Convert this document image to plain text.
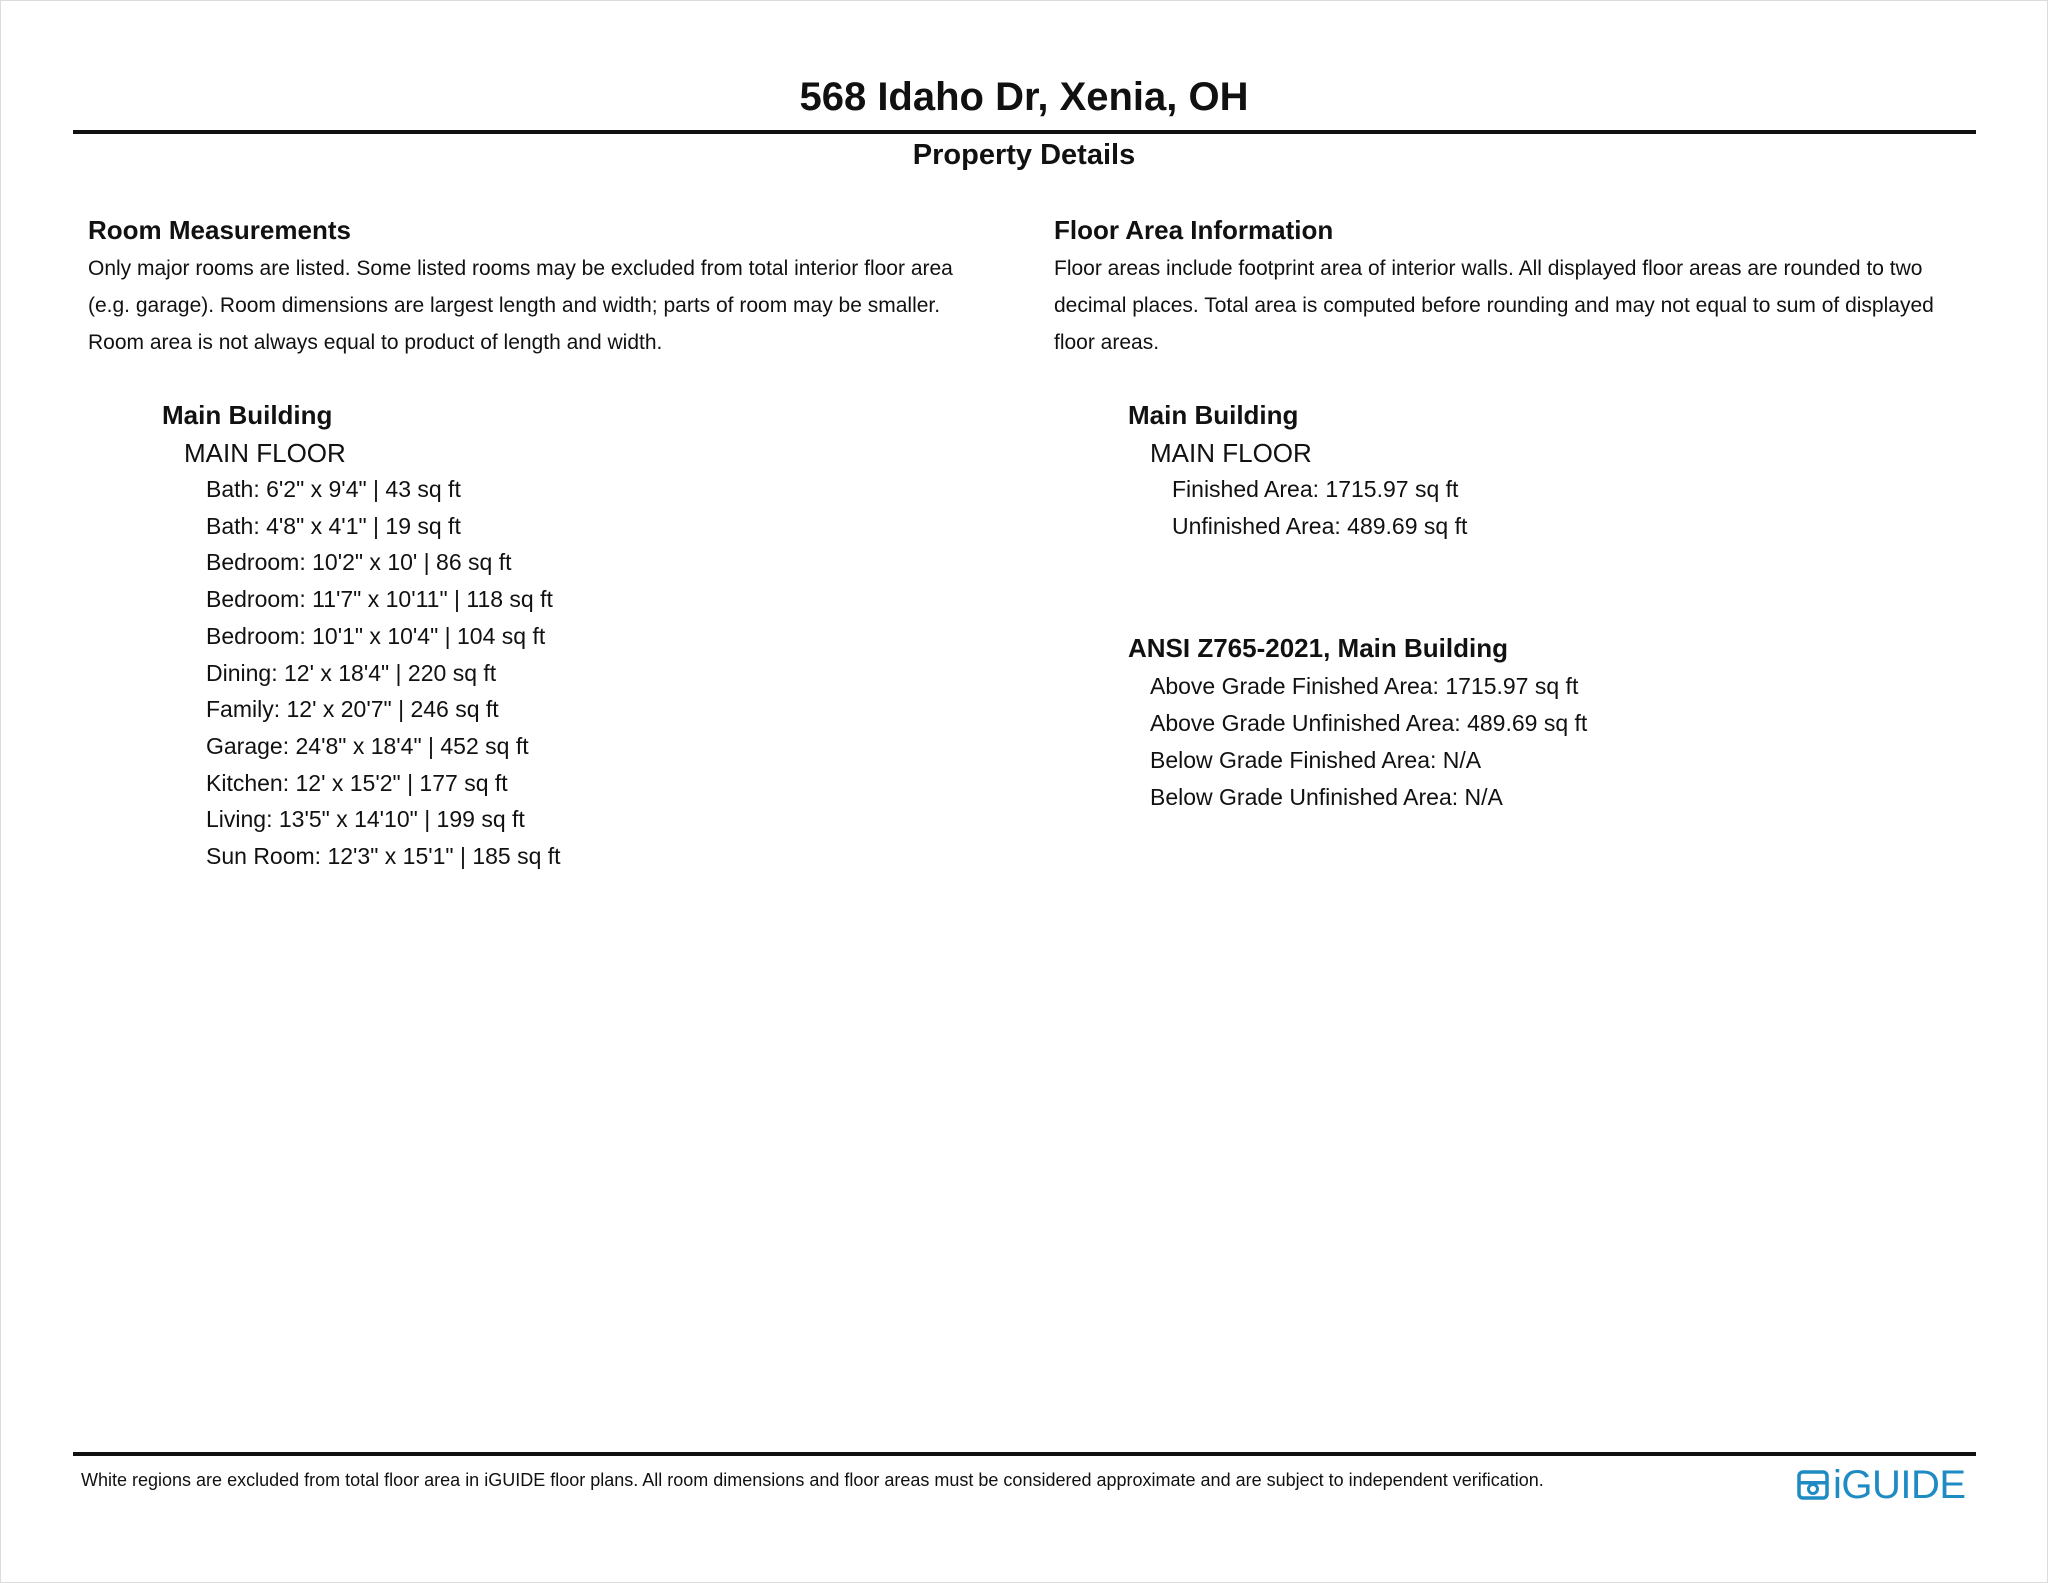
568 Idaho Dr, Xenia, OH
Property Details
Room Measurements
Only major rooms are listed. Some listed rooms may be excluded from total interior floor area
(e.g. garage). Room dimensions are largest length and width; parts of room may be smaller.
Room area is not always equal to product of length and width.
Main Building
MAIN FLOOR
Bath: 6'2" x 9'4" | 43 sq ft
Bath: 4'8" x 4'1" | 19 sq ft
Bedroom: 10'2" x 10' | 86 sq ft
Bedroom: 11'7" x 10'11" | 118 sq ft
Bedroom: 10'1" x 10'4" | 104 sq ft
Dining: 12' x 18'4" | 220 sq ft
Family: 12' x 20'7" | 246 sq ft
Garage: 24'8" x 18'4" | 452 sq ft
Kitchen: 12' x 15'2" | 177 sq ft
Living: 13'5" x 14'10" | 199 sq ft
Sun Room: 12'3" x 15'1" | 185 sq ft
Floor Area Information
Floor areas include footprint area of interior walls. All displayed floor areas are rounded to two
decimal places. Total area is computed before rounding and may not equal to sum of displayed
floor areas.
Main Building
MAIN FLOOR
Finished Area: 1715.97 sq ft
Unfinished Area: 489.69 sq ft
ANSI Z765-2021, Main Building
Above Grade Finished Area: 1715.97 sq ft
Above Grade Unfinished Area: 489.69 sq ft
Below Grade Finished Area: N/A
Below Grade Unfinished Area: N/A
White regions are excluded from total floor area in iGUIDE floor plans. All room dimensions and floor areas must be considered approximate and are subject to independent verification.	iGUIDE
